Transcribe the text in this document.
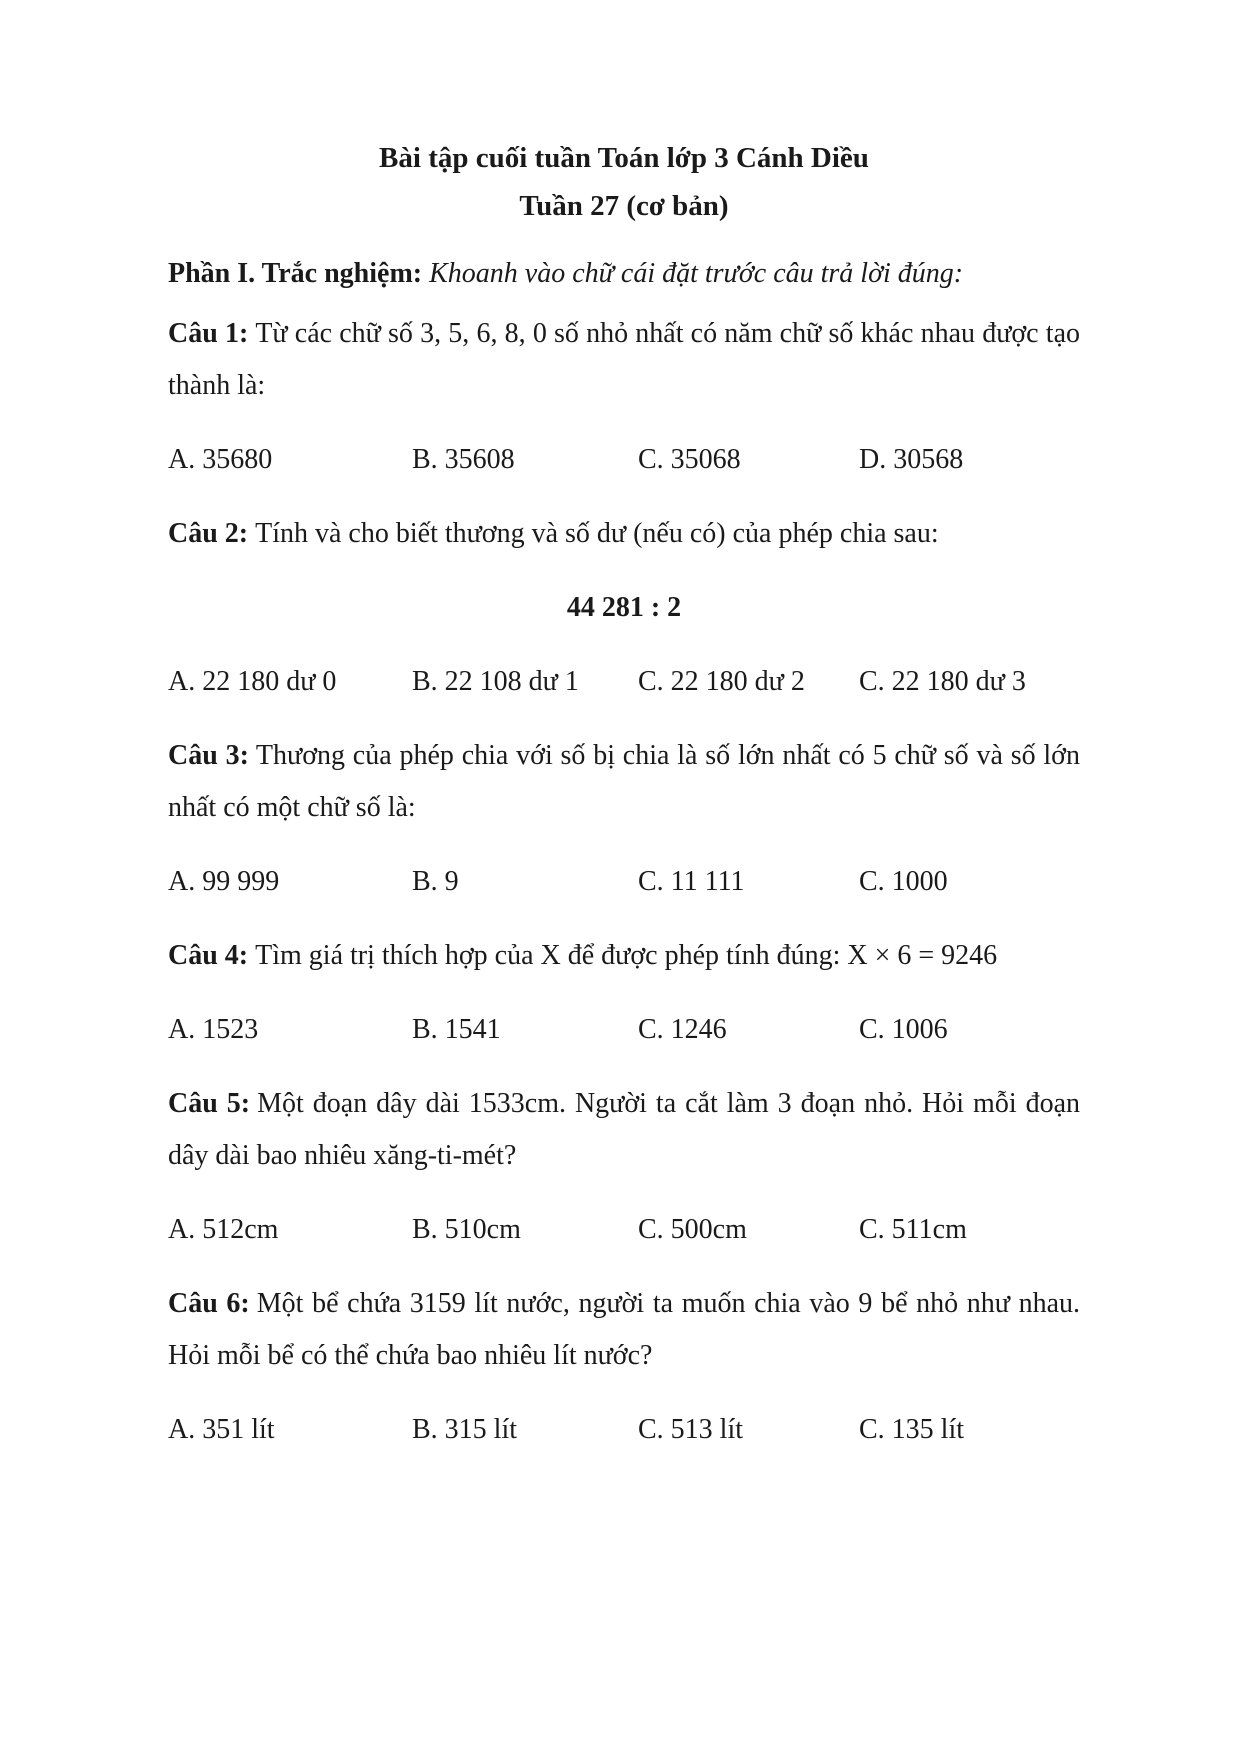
Bài tập cuối tuần Toán lớp 3 Cánh Diều
Tuần 27 (cơ bản)

Phần I. Trắc nghiệm: Khoanh vào chữ cái đặt trước câu trả lời đúng:

Câu 1: Từ các chữ số 3, 5, 6, 8, 0 số nhỏ nhất có năm chữ số khác nhau được tạo thành là:

A. 35680	B. 35608	C. 35068	D. 30568

Câu 2: Tính và cho biết thương và số dư (nếu có) của phép chia sau:

44 281 : 2

A. 22 180 dư 0	B. 22 108 dư 1	C. 22 180 dư 2	C. 22 180 dư 3

Câu 3: Thương của phép chia với số bị chia là số lớn nhất có 5 chữ số và số lớn nhất có một chữ số là:

A. 99 999	B. 9	C. 11 111	C. 1000

Câu 4: Tìm giá trị thích hợp của X để được phép tính đúng: X × 6 = 9246

A. 1523	B. 1541	C. 1246	C. 1006

Câu 5: Một đoạn dây dài 1533cm. Người ta cắt làm 3 đoạn nhỏ. Hỏi mỗi đoạn dây dài bao nhiêu xăng-ti-mét?

A. 512cm	B. 510cm	C. 500cm	C. 511cm

Câu 6: Một bể chứa 3159 lít nước, người ta muốn chia vào 9 bể nhỏ như nhau. Hỏi mỗi bể có thể chứa bao nhiêu lít nước?

A. 351 lít	B. 315 lít	C. 513 lít	C. 135 lít
